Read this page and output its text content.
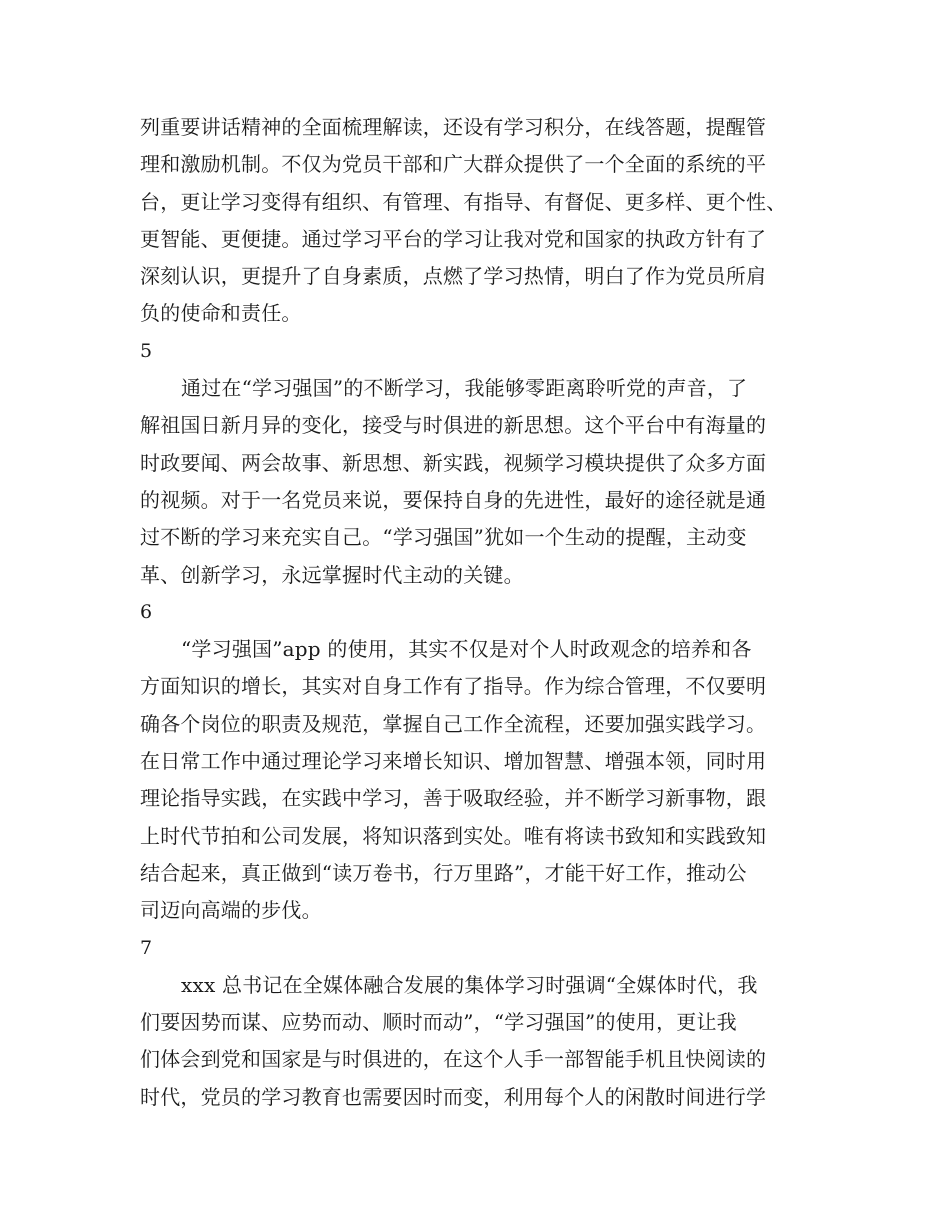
列重要讲话精神的全面梳理解读，还设有学习积分，在线答题，提醒管
理和激励机制。不仅为党员干部和广大群众提供了一个全面的系统的平
台，更让学习变得有组织、有管理、有指导、有督促、更多样、更个性、
更智能、更便捷。通过学习平台的学习让我对党和国家的执政方针有了
深刻认识，更提升了自身素质，点燃了学习热情，明白了作为党员所肩
负的使命和责任。
5
通过在“学习强国”的不断学习，我能够零距离聆听党的声音，了
解祖国日新月异的变化，接受与时俱进的新思想。这个平台中有海量的
时政要闻、两会故事、新思想、新实践，视频学习模块提供了众多方面
的视频。对于一名党员来说，要保持自身的先进性，最好的途径就是通
过不断的学习来充实自己。“学习强国”犹如一个生动的提醒，主动变
革、创新学习，永远掌握时代主动的关键。
6
“学习强国”app 的使用，其实不仅是对个人时政观念的培养和各
方面知识的增长，其实对自身工作有了指导。作为综合管理，不仅要明
确各个岗位的职责及规范，掌握自己工作全流程，还要加强实践学习。
在日常工作中通过理论学习来增长知识、增加智慧、增强本领，同时用
理论指导实践，在实践中学习，善于吸取经验，并不断学习新事物，跟
上时代节拍和公司发展，将知识落到实处。唯有将读书致知和实践致知
结合起来，真正做到“读万卷书，行万里路”，才能干好工作，推动公
司迈向高端的步伐。
7
xxx 总书记在全媒体融合发展的集体学习时强调“全媒体时代，我
们要因势而谋、应势而动、顺时而动”，“学习强国”的使用，更让我
们体会到党和国家是与时俱进的，在这个人手一部智能手机且快阅读的
时代，党员的学习教育也需要因时而变，利用每个人的闲散时间进行学
